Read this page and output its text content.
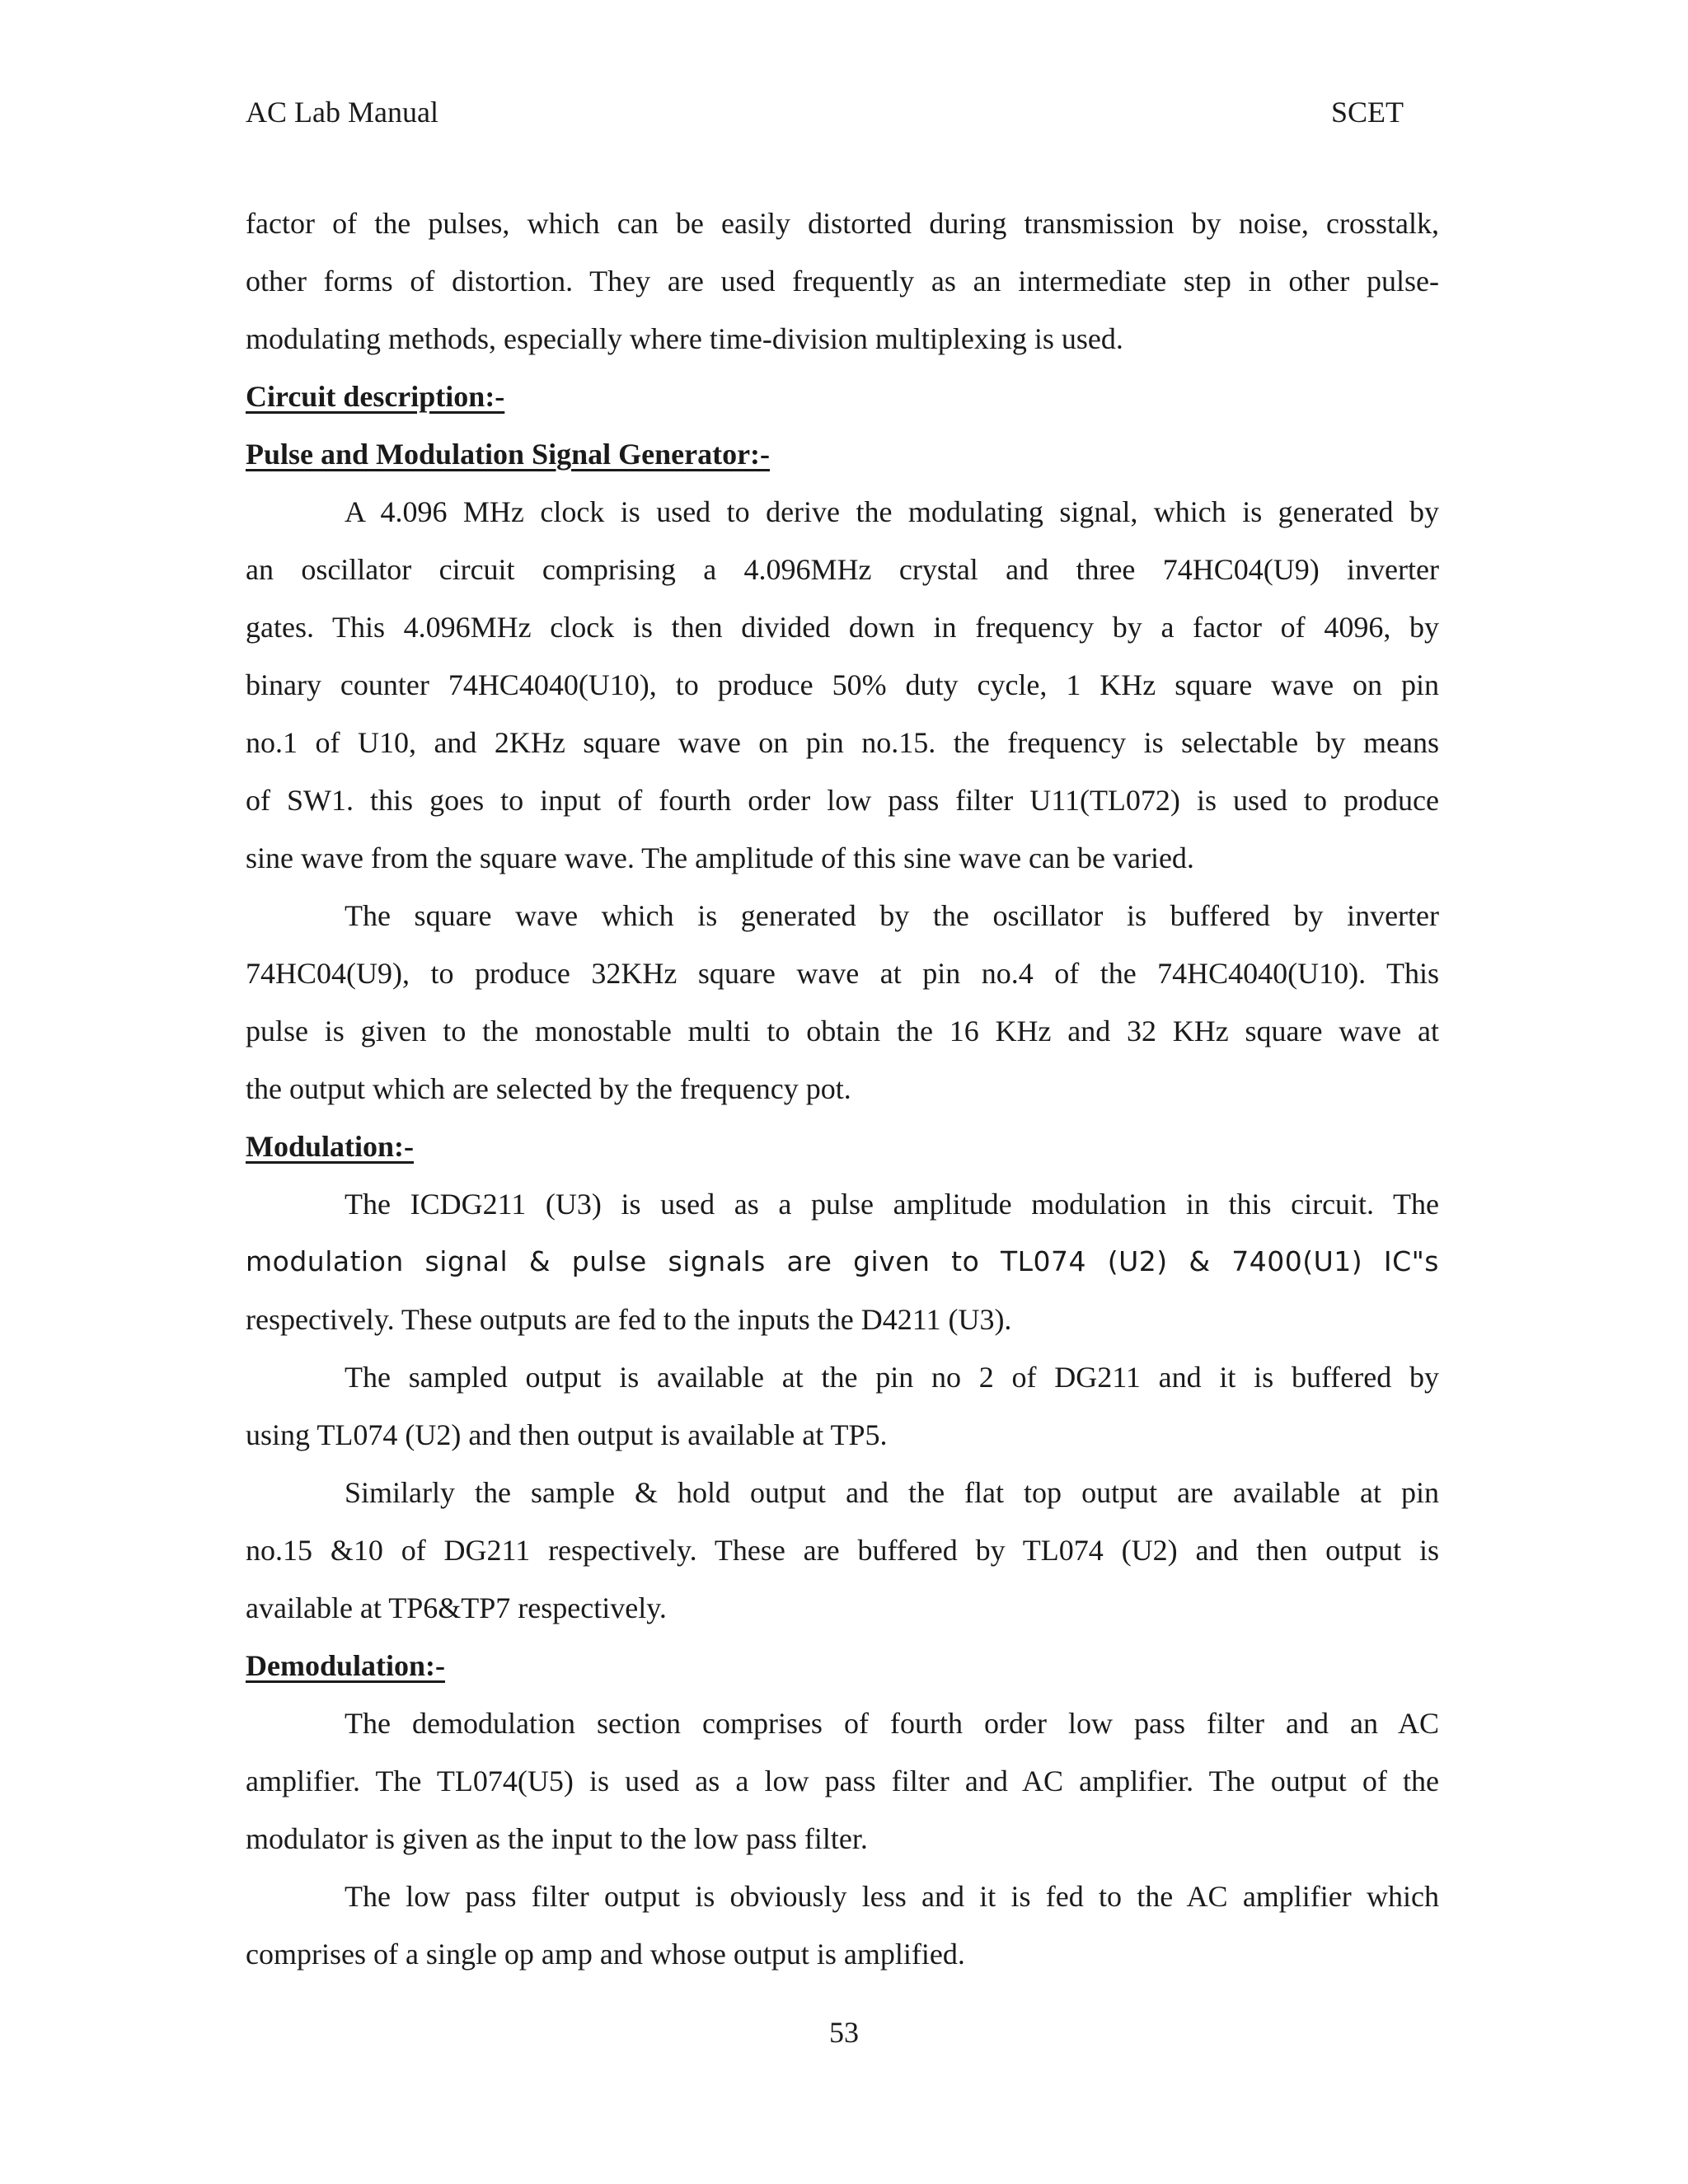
AC Lab Manual	SCET
factor of the pulses, which can be easily distorted during transmission by noise, crosstalk,
other forms of distortion. They are used frequently as an intermediate step in other pulse-
modulating methods, especially where time-division multiplexing is used.
Circuit description:-
Pulse and Modulation Signal Generator:-
A 4.096 MHz clock is used to derive the modulating signal, which is generated by
an oscillator circuit comprising a 4.096MHz crystal and three 74HC04(U9) inverter
gates. This 4.096MHz clock is then divided down in frequency by a factor of 4096, by
binary counter 74HC4040(U10), to produce 50% duty cycle, 1 KHz square wave on pin
no.1 of U10, and 2KHz square wave on pin no.15. the frequency is selectable by means
of SW1. this goes to input of fourth order low pass filter U11(TL072) is used to produce
sine wave from the square wave. The amplitude of this sine wave can be varied.
The square wave which is generated by the oscillator is buffered by inverter
74HC04(U9), to produce 32KHz square wave at pin no.4 of the 74HC4040(U10). This
pulse is given to the monostable multi to obtain the 16 KHz and 32 KHz square wave at
the output which are selected by the frequency pot.
Modulation:-
The ICDG211 (U3) is used as a pulse amplitude modulation in this circuit. The
modulation signal & pulse signals are given to TL074 (U2) & 7400(U1) IC"s
respectively. These outputs are fed to the inputs the D4211 (U3).
The sampled output is available at the pin no 2 of DG211 and it is buffered by
using TL074 (U2) and then output is available at TP5.
Similarly the sample & hold output and the flat top output are available at pin
no.15 &10 of DG211 respectively. These are buffered by TL074 (U2) and then output is
available at TP6&TP7 respectively.
Demodulation:-
The demodulation section comprises of fourth order low pass filter and an AC
amplifier. The TL074(U5) is used as a low pass filter and AC amplifier. The output of the
modulator is given as the input to the low pass filter.
The low pass filter output is obviously less and it is fed to the AC amplifier which
comprises of a single op amp and whose output is amplified.
53
